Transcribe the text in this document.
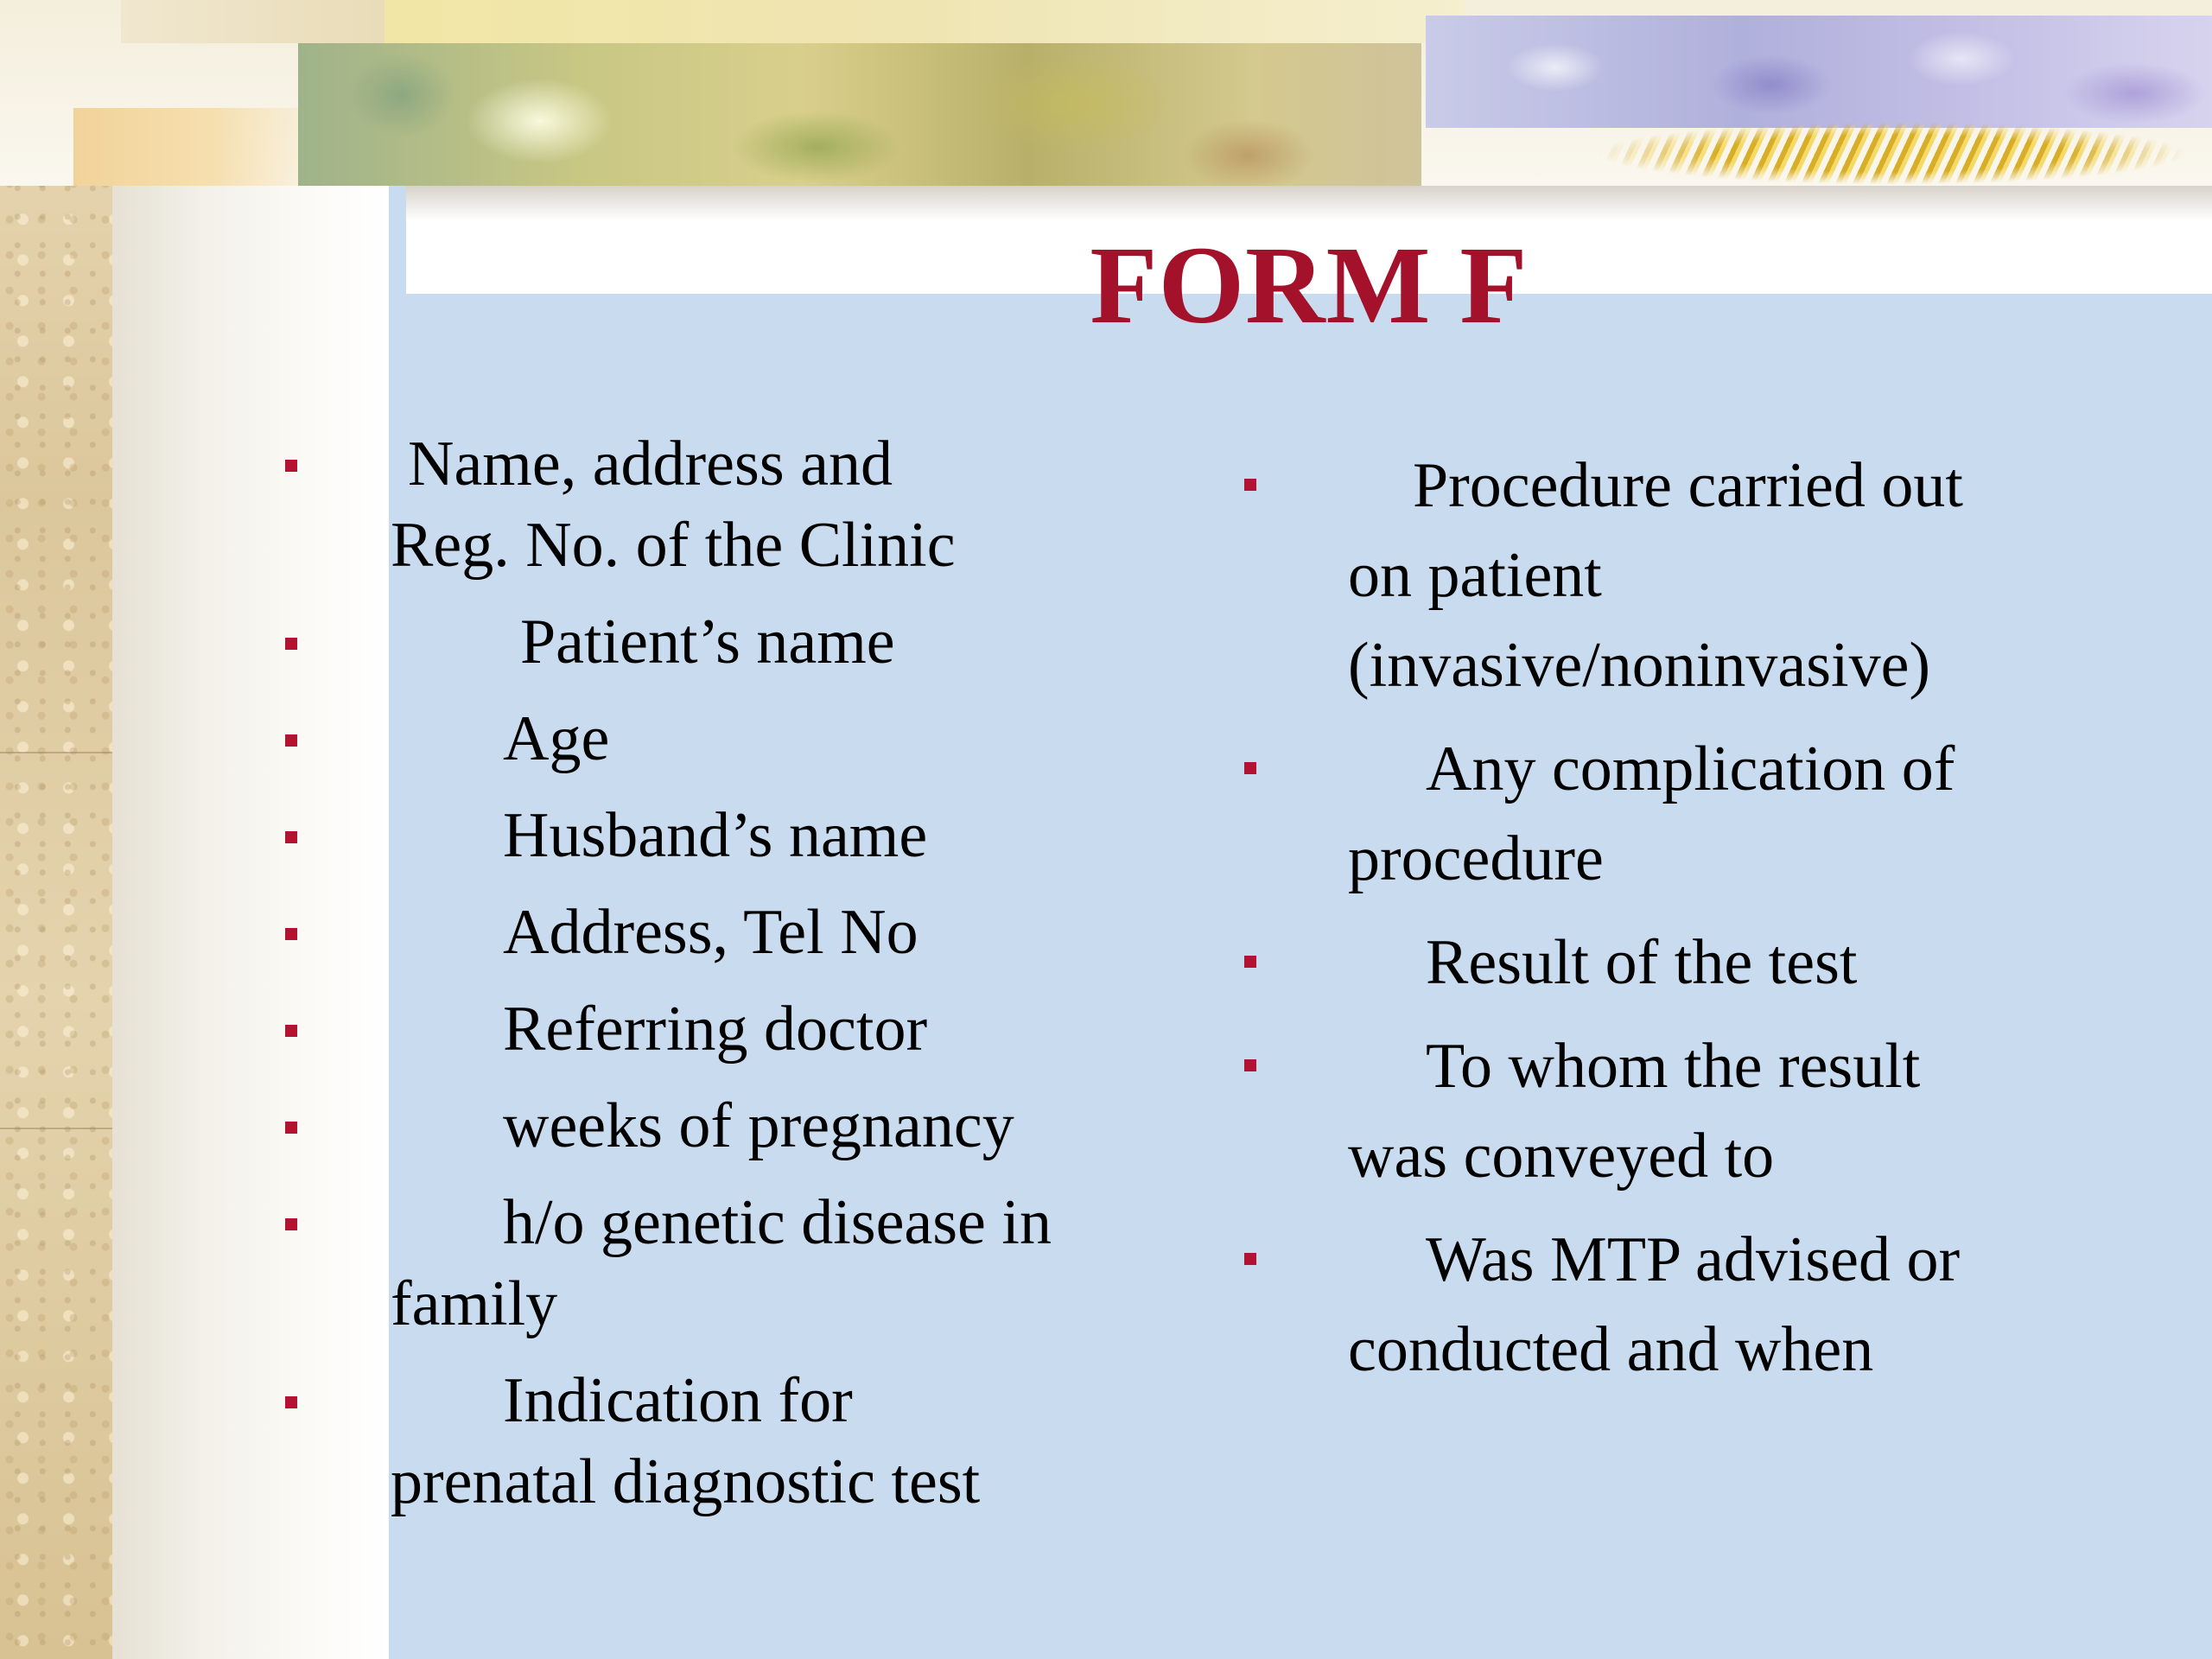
FORM F
Name, address and
Reg. No. of the Clinic
Patient’s name
Age
Husband’s name
Address, Tel No
Referring doctor
weeks of pregnancy
h/o genetic disease in
family
Indication for
prenatal diagnostic test
Procedure carried out
on patient
(invasive/noninvasive)
Any complication of
procedure
Result of the test
To whom the result
was conveyed to
Was MTP advised or
conducted and when
